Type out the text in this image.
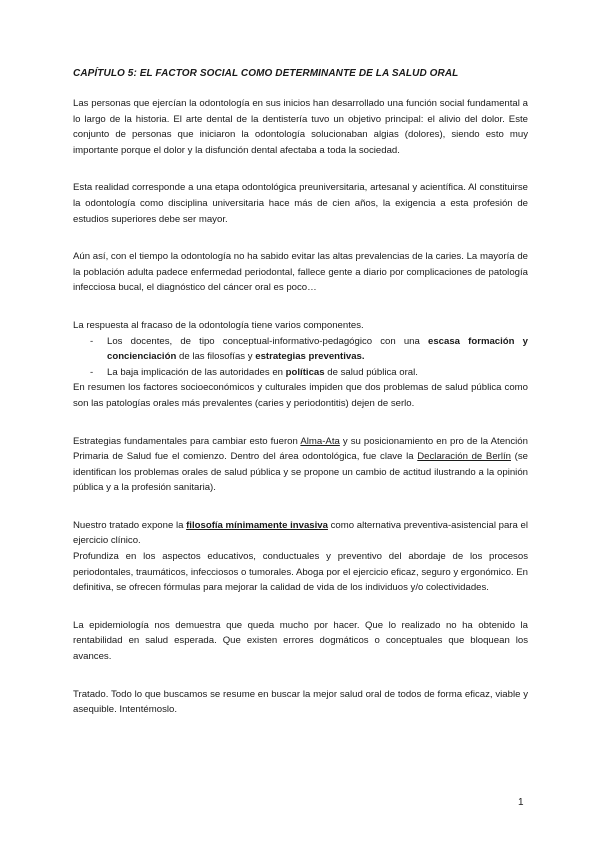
CAPÍTULO 5: EL FACTOR SOCIAL COMO DETERMINANTE DE LA SALUD ORAL

Las personas que ejercían la odontología en sus inicios han desarrollado una función social fundamental a lo largo de la historia. El arte dental de la dentistería tuvo un objetivo principal: el alivio del dolor. Este conjunto de personas que iniciaron la odontología solucionaban algias (dolores), siendo esto muy importante porque el dolor y la disfunción dental afectaba a toda la sociedad.

Esta realidad corresponde a una etapa odontológica preuniversitaria, artesanal y acientífica. Al constituirse la odontología como disciplina universitaria hace más de cien años, la exigencia a esta profesión de estudios superiores debe ser mayor.

Aún así, con el tiempo la odontología no ha sabido evitar las altas prevalencias de la caries. La mayoría de la población adulta padece enfermedad periodontal, fallece gente a diario por complicaciones de patología infecciosa bucal, el diagnóstico del cáncer oral es poco…

La respuesta al fracaso de la odontología tiene varios componentes.

- Los docentes, de tipo conceptual-informativo-pedagógico con una escasa formación y concienciación de las filosofías y estrategias preventivas.
- La baja implicación de las autoridades en políticas de salud pública oral.

En resumen los factores socioeconómicos y culturales impiden que dos problemas de salud pública como son las patologías orales más prevalentes (caries y periodontitis) dejen de serlo.

Estrategias fundamentales para cambiar esto fueron Alma-Ata y su posicionamiento en pro de la Atención Primaria de Salud fue el comienzo. Dentro del área odontológica, fue clave la Declaración de Berlín (se identifican los problemas orales de salud pública y se propone un cambio de actitud ilustrando a la opinión pública y a la profesión sanitaria).

Nuestro tratado expone la filosofía mínimamente invasiva como alternativa preventiva-asistencial para el ejercicio clínico.

Profundiza en los aspectos educativos, conductuales y preventivo del abordaje de los procesos periodontales, traumáticos, infecciosos o tumorales. Aboga por el ejercicio eficaz, seguro y ergonómico. En definitiva, se ofrecen fórmulas para mejorar la calidad de vida de los individuos y/o colectividades.

La epidemiología nos demuestra que queda mucho por hacer. Que lo realizado no ha obtenido la rentabilidad en salud esperada. Que existen errores dogmáticos o conceptuales que bloquean los avances.

Tratado. Todo lo que buscamos se resume en buscar la mejor salud oral de todos de forma eficaz, viable y asequible. Intentémoslo.

1
